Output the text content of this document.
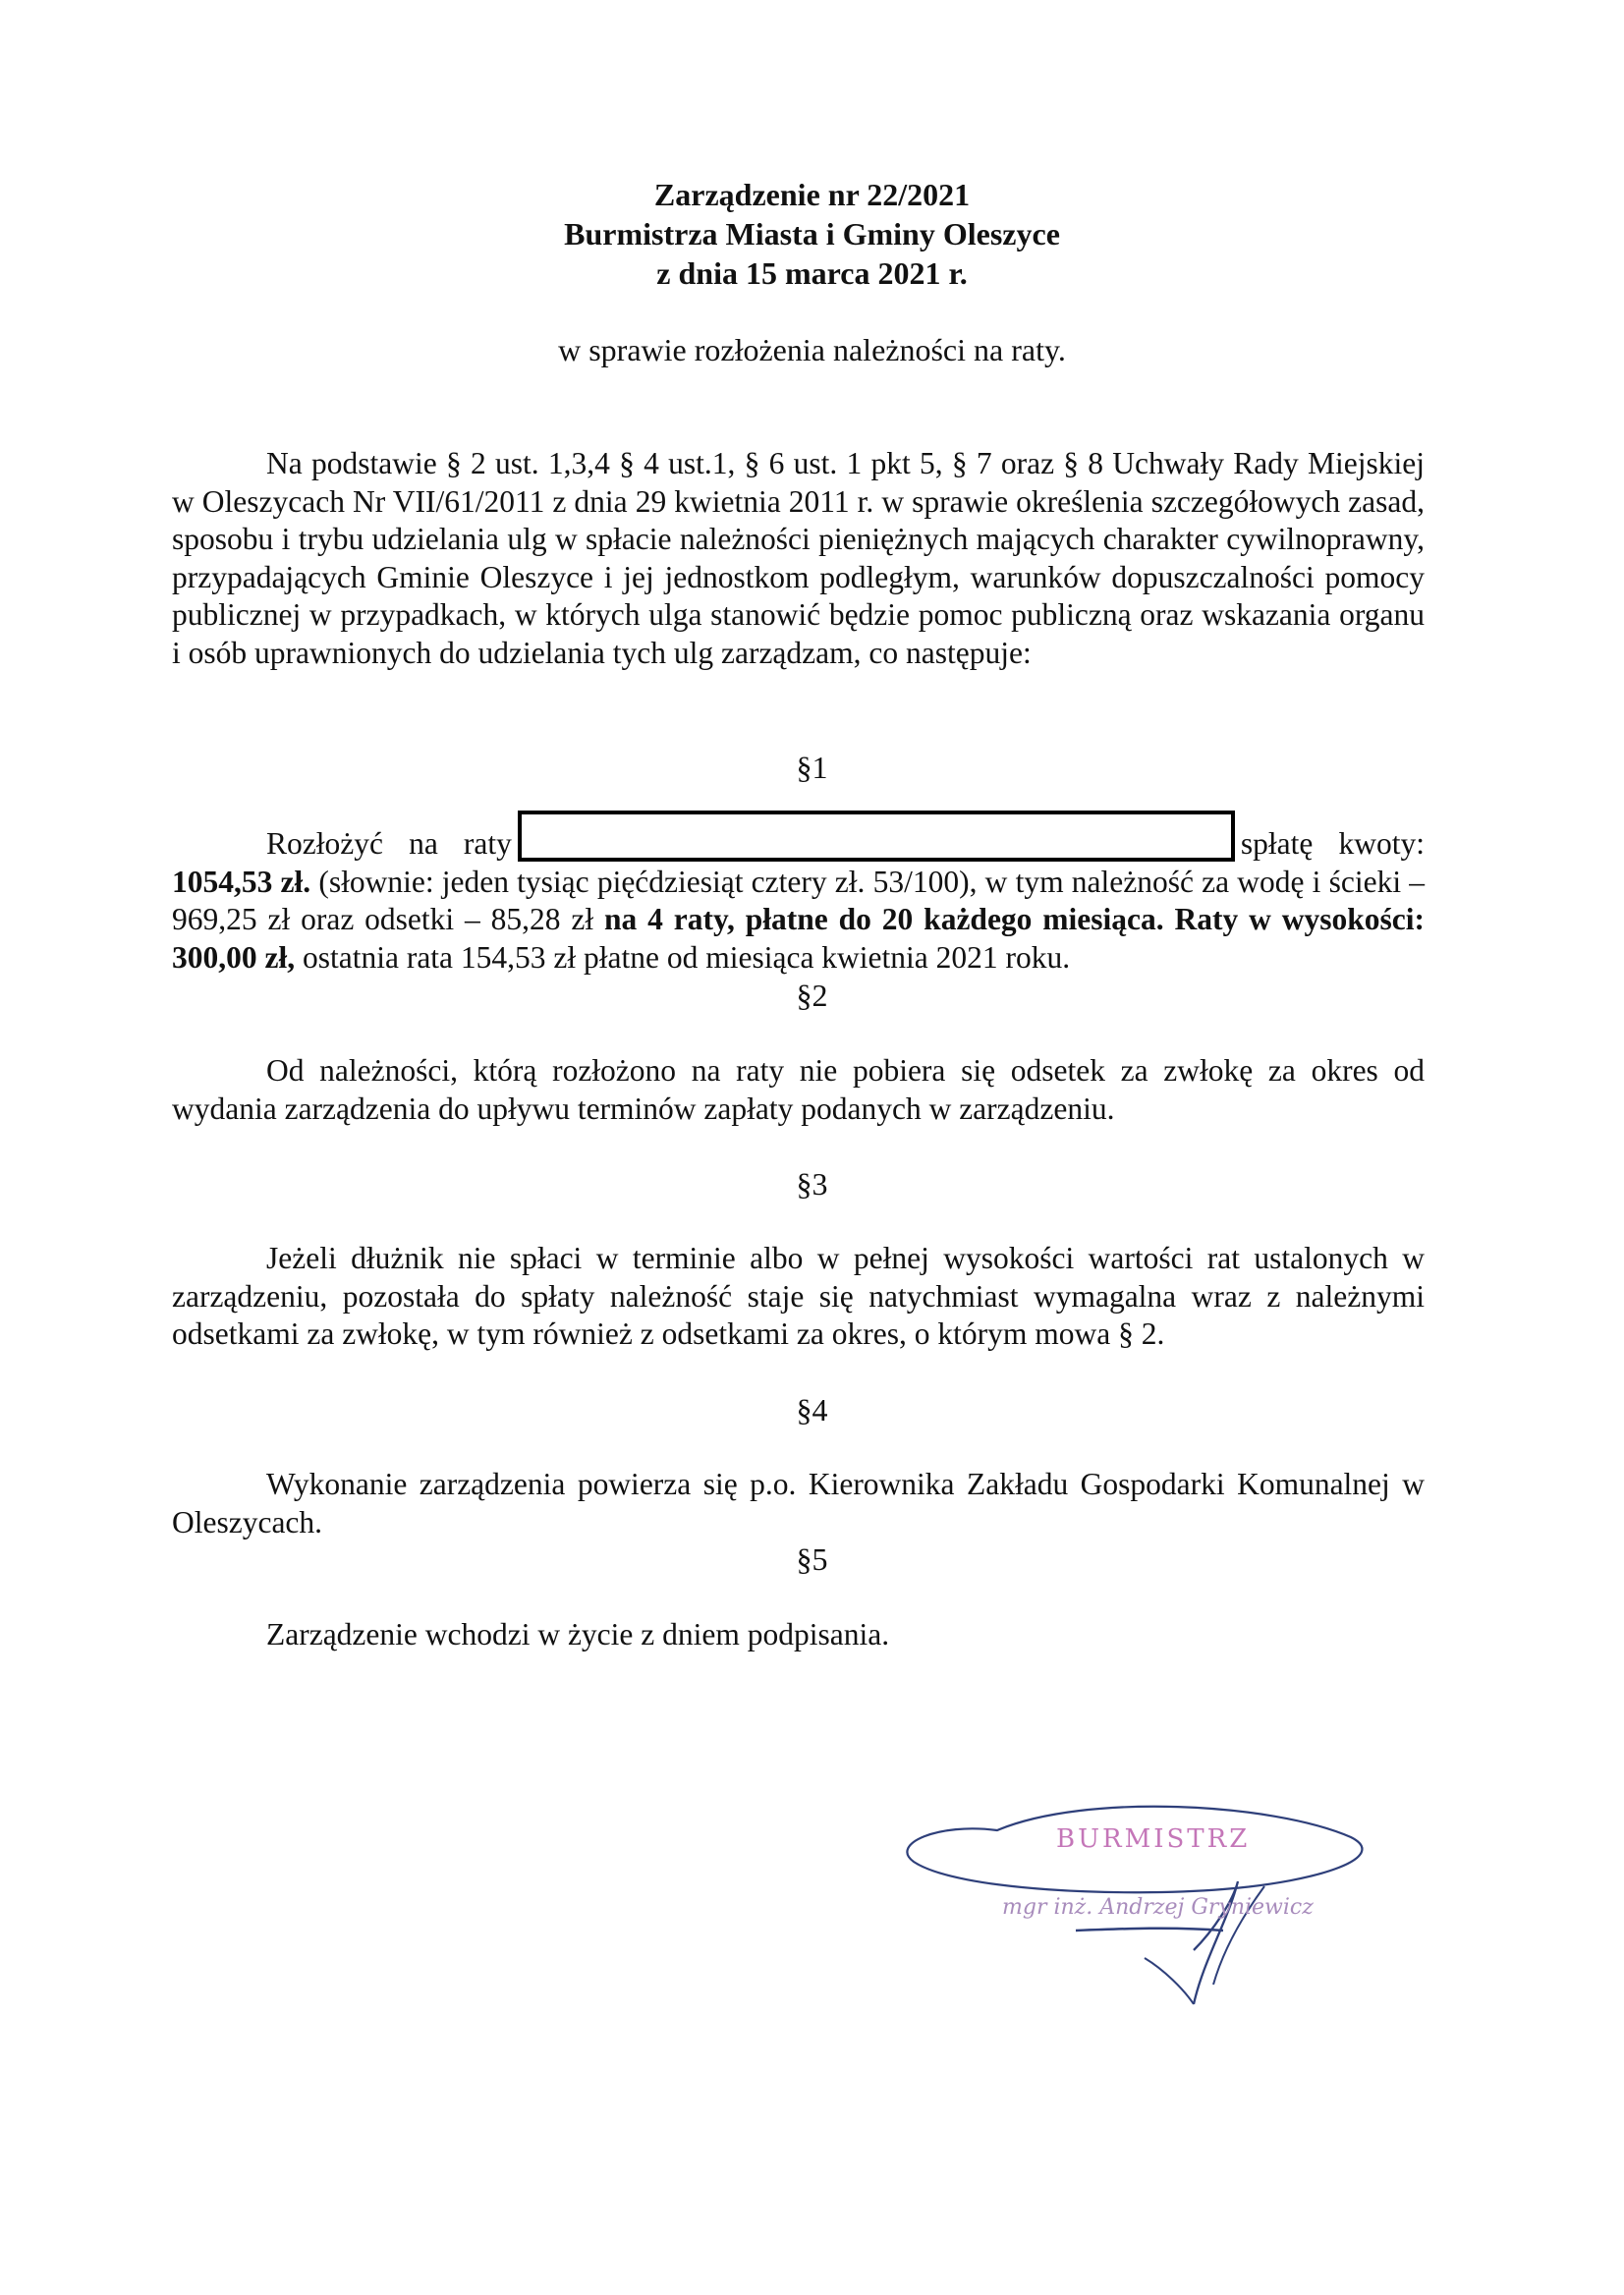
Zarządzenie nr 22/2021
Burmistrza Miasta i Gminy Oleszyce
z dnia 15 marca 2021 r.
w sprawie rozłożenia należności na raty.

Na podstawie § 2 ust. 1,3,4 § 4 ust.1, § 6 ust. 1 pkt 5, § 7 oraz § 8 Uchwały Rady Miejskiej w Oleszycach Nr VII/61/2011 z dnia 29 kwietnia 2011 r. w sprawie określenia szczegółowych zasad, sposobu i trybu udzielania ulg w spłacie należności pieniężnych mających charakter cywilnoprawny, przypadających Gminie Oleszyce i jej jednostkom podległym, warunków dopuszczalności pomocy publicznej w przypadkach, w których ulga stanowić będzie pomoc publiczną oraz wskazania organu i osób uprawnionych do udzielania tych ulg zarządzam, co następuje:

§1

Rozłożyć na raty	spłatę kwoty: 1054,53 zł. (słownie: jeden tysiąc pięćdziesiąt cztery zł. 53/100), w tym należność za wodę i ścieki – 969,25 zł oraz odsetki – 85,28 zł na 4 raty, płatne do 20 każdego miesiąca. Raty w wysokości: 300,00 zł, ostatnia rata 154,53 zł płatne od miesiąca kwietnia 2021 roku.

§2

Od należności, którą rozłożono na raty nie pobiera się odsetek za zwłokę za okres od wydania zarządzenia do upływu terminów zapłaty podanych w zarządzeniu.

§3

Jeżeli dłużnik nie spłaci w terminie albo w pełnej wysokości wartości rat ustalonych w zarządzeniu, pozostała do spłaty należność staje się natychmiast wymagalna wraz z należnymi odsetkami za zwłokę, w tym również z odsetkami za okres, o którym mowa § 2.

§4

Wykonanie zarządzenia powierza się p.o. Kierownika Zakładu Gospodarki Komunalnej w Oleszycach.

§5

Zarządzenie wchodzi w życie z dniem podpisania.

BURMISTRZ
mgr inż. Andrzej Gryniewicz
